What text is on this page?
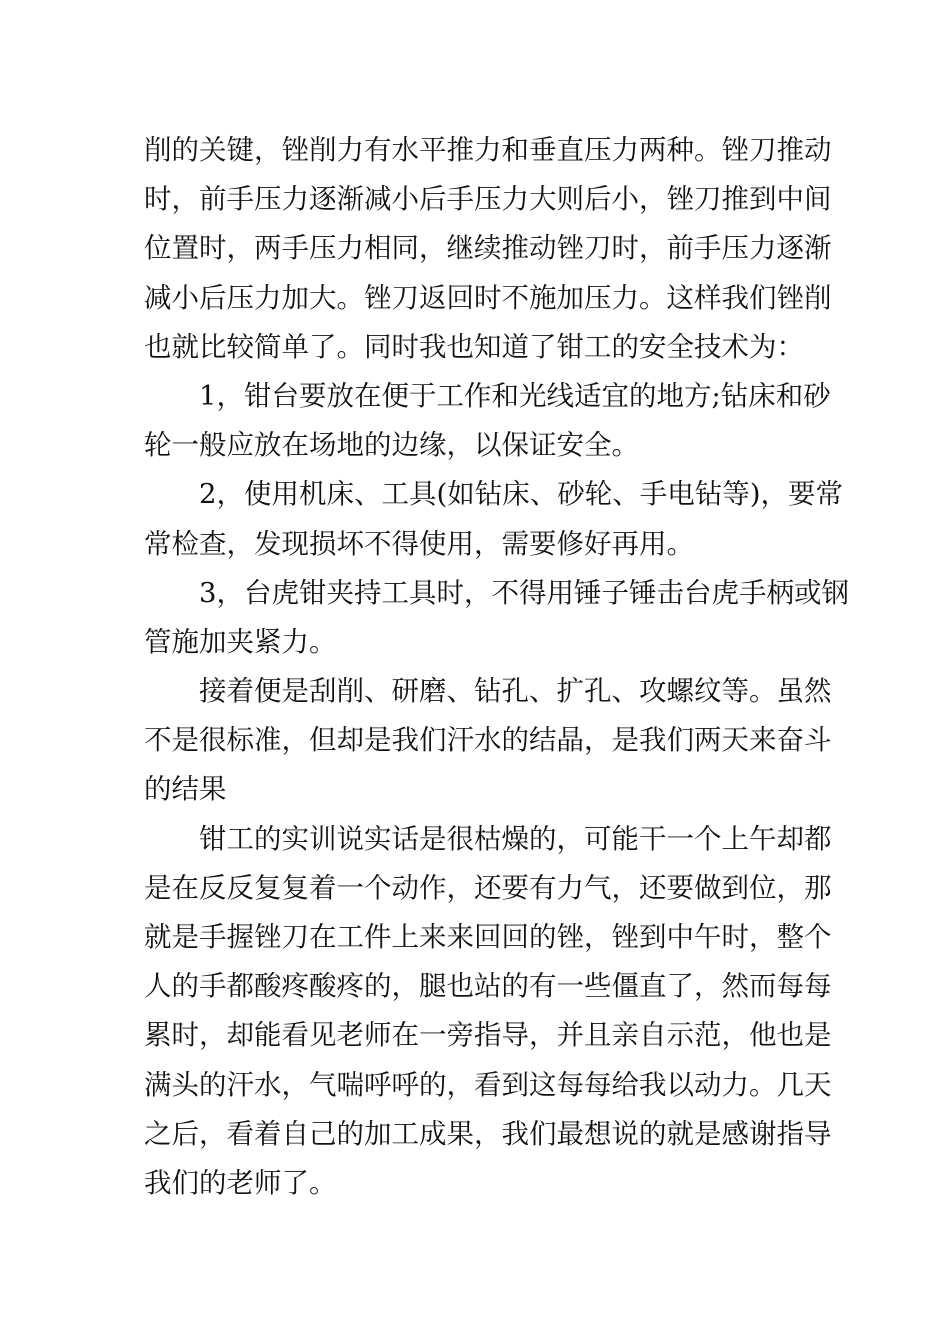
削的关键，锉削力有水平推力和垂直压力两种。锉刀推动
时，前手压力逐渐减小后手压力大则后小，锉刀推到中间
位置时，两手压力相同，继续推动锉刀时，前手压力逐渐
减小后压力加大。锉刀返回时不施加压力。这样我们锉削
也就比较简单了。同时我也知道了钳工的安全技术为：
1，钳台要放在便于工作和光线适宜的地方;钻床和砂
轮一般应放在场地的边缘，以保证安全。
2，使用机床、工具(如钻床、砂轮、手电钻等)，要常
常检查，发现损坏不得使用，需要修好再用。
3，台虎钳夹持工具时，不得用锤子锤击台虎手柄或钢
管施加夹紧力。
接着便是刮削、研磨、钻孔、扩孔、攻螺纹等。虽然
不是很标准，但却是我们汗水的结晶，是我们两天来奋斗
的结果
钳工的实训说实话是很枯燥的，可能干一个上午却都
是在反反复复着一个动作，还要有力气，还要做到位，那
就是手握锉刀在工件上来来回回的锉，锉到中午时，整个
人的手都酸疼酸疼的，腿也站的有一些僵直了，然而每每
累时，却能看见老师在一旁指导，并且亲自示范，他也是
满头的汗水，气喘呼呼的，看到这每每给我以动力。几天
之后，看着自己的加工成果，我们最想说的就是感谢指导
我们的老师了。
